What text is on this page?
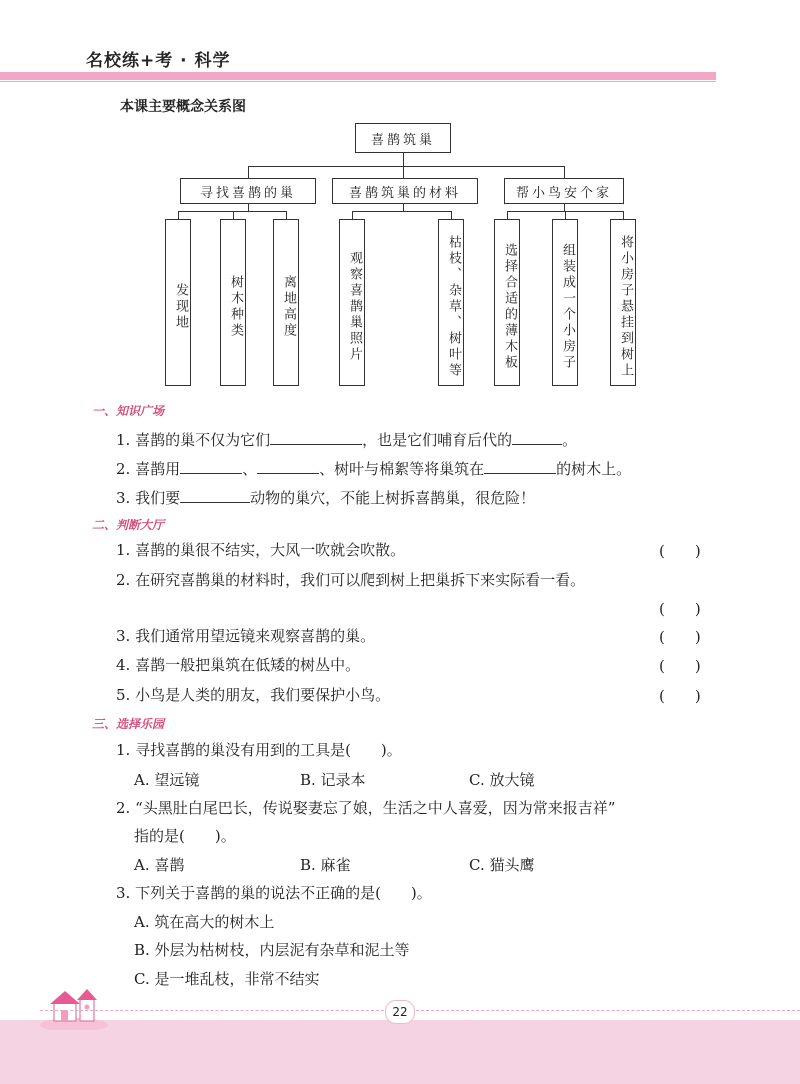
名校练+考 · 科学
本课主要概念关系图
喜鹊筑巢
寻找喜鹊的巢	喜鹊筑巢的材料	帮小鸟安个家
发现地	树木种类	离地高度	观察喜鹊巢照片	枯枝、杂草、树叶等	选择合适的薄木板	组装成一个小房子	将小房子悬挂到树上
一、知识广场
1. 喜鹊的巢不仅为它们	，也是它们哺育后代的	。
2. 喜鹊用	、	、树叶与棉絮等将巢筑在	的树木上。
3. 我们要	动物的巢穴，不能上树拆喜鹊巢，很危险！
二、判断大厅
1. 喜鹊的巢很不结实，大风一吹就会吹散。	(　　)
2. 在研究喜鹊巢的材料时，我们可以爬到树上把巢拆下来实际看一看。
(　　)
3. 我们通常用望远镜来观察喜鹊的巢。	(　　)
4. 喜鹊一般把巢筑在低矮的树丛中。	(　　)
5. 小鸟是人类的朋友，我们要保护小鸟。	(　　)
三、选择乐园
1. 寻找喜鹊的巢没有用到的工具是(　　)。
A. 望远镜	B. 记录本	C. 放大镜
2. “头黑肚白尾巴长，传说娶妻忘了娘，生活之中人喜爱，因为常来报吉祥”
指的是(　　)。
A. 喜鹊	B. 麻雀	C. 猫头鹰
3. 下列关于喜鹊的巢的说法不正确的是(　　)。
A. 筑在高大的树木上
B. 外层为枯树枝，内层泥有杂草和泥土等
C. 是一堆乱枝，非常不结实
22
